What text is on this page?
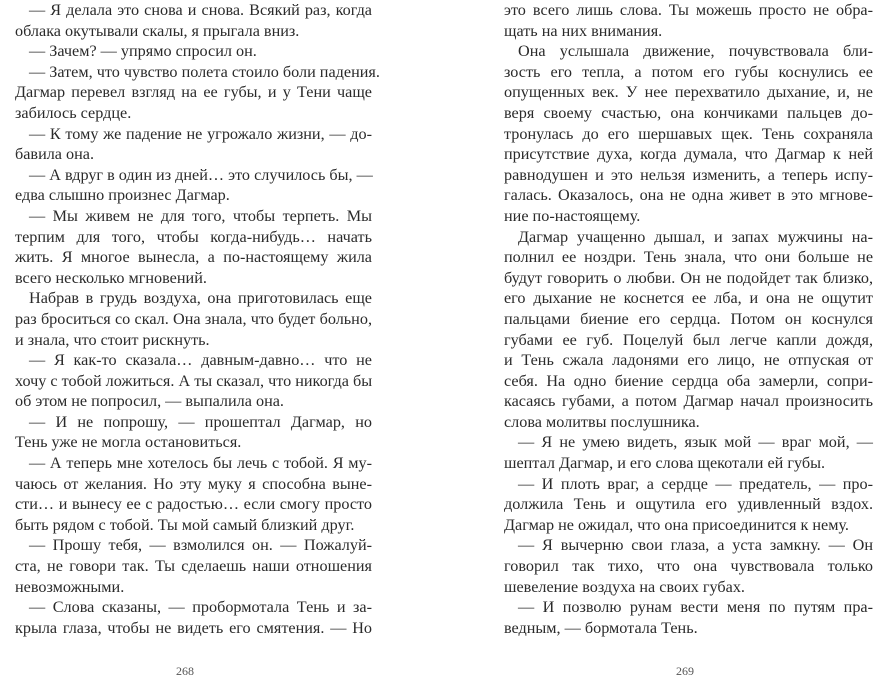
— Я делала это снова и снова. Всякий раз, когда
облака окутывали скалы, я прыгала вниз.
— Зачем? — упрямо спросил он.
— Затем, что чувство полета стоило боли падения.
Дагмар перевел взгляд на ее губы, и у Тени чаще
забилось сердце.
— К тому же падение не угрожало жизни, — до-
бавила она.
— А вдруг в один из дней… это случилось бы, —
едва слышно произнес Дагмар.
— Мы живем не для того, чтобы терпеть. Мы
терпим для того, чтобы когда-нибудь… начать
жить. Я многое вынесла, а по-настоящему жила
всего несколько мгновений.
Набрав в грудь воздуха, она приготовилась еще
раз броситься со скал. Она знала, что будет больно,
и знала, что стоит рискнуть.
— Я как-то сказала… давным-давно… что не
хочу с тобой ложиться. А ты сказал, что никогда бы
об этом не попросил, — выпалила она.
— И не попрошу, — прошептал Дагмар, но
Тень уже не могла остановиться.
— А теперь мне хотелось бы лечь с тобой. Я му-
чаюсь от желания. Но эту муку я способна выне-
сти… и вынесу ее с радостью… если смогу просто
быть рядом с тобой. Ты мой самый близкий друг.
— Прошу тебя, — взмолился он. — Пожалуй-
ста, не говори так. Ты сделаешь наши отношения
невозможными.
— Слова сказаны, — пробормотала Тень и за-
крыла глаза, чтобы не видеть его смятения. — Но
это всего лишь слова. Ты можешь просто не обра-
щать на них внимания.
Она услышала движение, почувствовала бли-
зость его тепла, а потом его губы коснулись ее
опущенных век. У нее перехватило дыхание, и, не
веря своему счастью, она кончиками пальцев до-
тронулась до его шершавых щек. Тень сохраняла
присутствие духа, когда думала, что Дагмар к ней
равнодушен и это нельзя изменить, а теперь испу-
галась. Оказалось, она не одна живет в это мгнове-
ние по-настоящему.
Дагмар учащенно дышал, и запах мужчины на-
полнил ее ноздри. Тень знала, что они больше не
будут говорить о любви. Он не подойдет так близко,
его дыхание не коснется ее лба, и она не ощутит
пальцами биение его сердца. Потом он коснулся
губами ее губ. Поцелуй был легче капли дождя,
и Тень сжала ладонями его лицо, не отпуская от
себя. На одно биение сердца оба замерли, сопри-
касаясь губами, а потом Дагмар начал произносить
слова молитвы послушника.
— Я не умею видеть, язык мой — враг мой, —
шептал Дагмар, и его слова щекотали ей губы.
— И плоть враг, а сердце — предатель, — про-
должила Тень и ощутила его удивленный вздох.
Дагмар не ожидал, что она присоединится к нему.
— Я вычерню свои глаза, а уста замкну. — Он
говорил так тихо, что она чувствовала только
шевеление воздуха на своих губах.
— И позволю рунам вести меня по путям пра-
ведным, — бормотала Тень.
268	269
